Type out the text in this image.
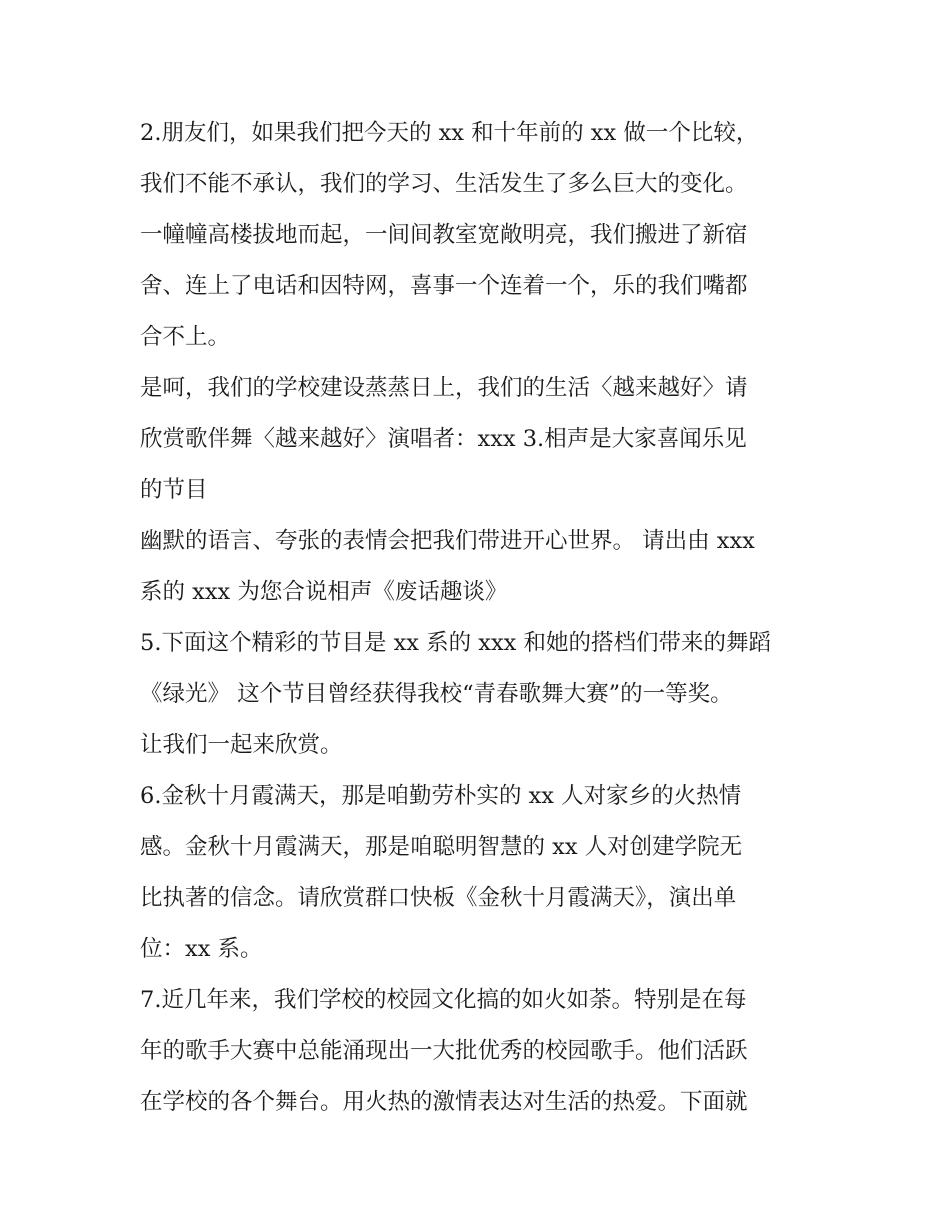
2.朋友们，如果我们把今天的 xx 和十年前的 xx 做一个比较，
我们不能不承认，我们的学习、生活发生了多么巨大的变化。
一幢幢高楼拔地而起，一间间教室宽敞明亮，我们搬进了新宿
舍、连上了电话和因特网，喜事一个连着一个，乐的我们嘴都
合不上。
是呵，我们的学校建设蒸蒸日上，我们的生活〈越来越好〉请
欣赏歌伴舞〈越来越好〉演唱者：xxx 3.相声是大家喜闻乐见
的节目
幽默的语言、夸张的表情会把我们带进开心世界。 请出由 xxx
系的 xxx 为您合说相声《废话趣谈》
5.下面这个精彩的节目是 xx 系的 xxx 和她的搭档们带来的舞蹈
《绿光》 这个节目曾经获得我校“青春歌舞大赛”的一等奖。
让我们一起来欣赏。
6.金秋十月霞满天，那是咱勤劳朴实的 xx 人对家乡的火热情
感。金秋十月霞满天，那是咱聪明智慧的 xx 人对创建学院无
比执著的信念。请欣赏群口快板《金秋十月霞满天》，演出单
位：xx 系。
7.近几年来，我们学校的校园文化搞的如火如荼。特别是在每
年的歌手大赛中总能涌现出一大批优秀的校园歌手。他们活跃
在学校的各个舞台。用火热的激情表达对生活的热爱。下面就
